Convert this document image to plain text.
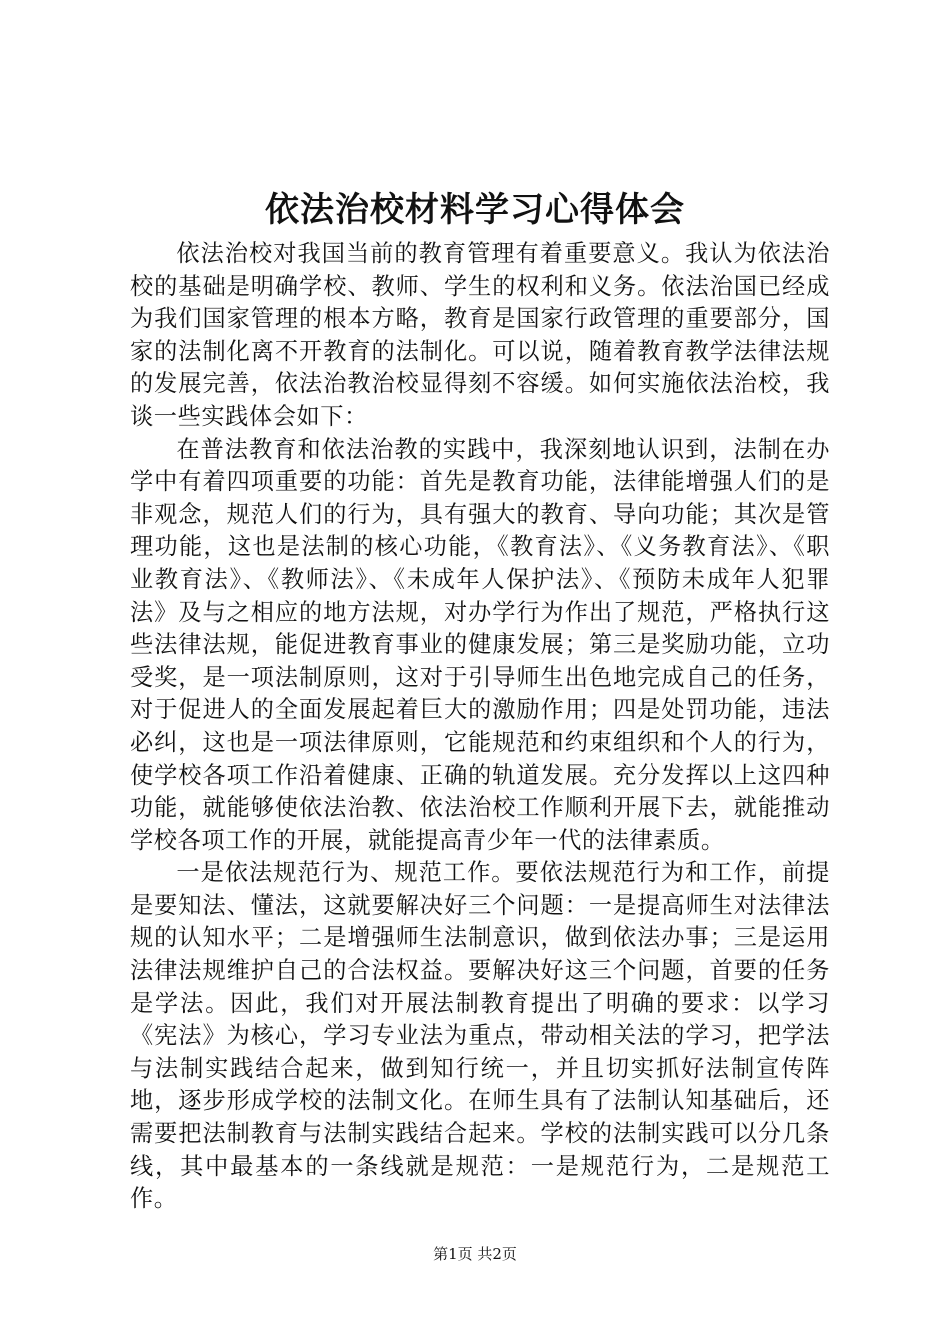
依法治校材料学习心得体会

依法治校对我国当前的教育管理有着重要意义。我认为依法治校的基础是明确学校、教师、学生的权利和义务。依法治国已经成为我们国家管理的根本方略，教育是国家行政管理的重要部分，国家的法制化离不开教育的法制化。可以说，随着教育教学法律法规的发展完善，依法治教治校显得刻不容缓。如何实施依法治校，我谈一些实践体会如下：

在普法教育和依法治教的实践中，我深刻地认识到，法制在办学中有着四项重要的功能：首先是教育功能，法律能增强人们的是非观念，规范人们的行为，具有强大的教育、导向功能；其次是管理功能，这也是法制的核心功能，《教育法》、《义务教育法》、《职业教育法》、《教师法》、《未成年人保护法》、《预防未成年人犯罪法》及与之相应的地方法规，对办学行为作出了规范，严格执行这些法律法规，能促进教育事业的健康发展；第三是奖励功能，立功受奖，是一项法制原则，这对于引导师生出色地完成自己的任务，对于促进人的全面发展起着巨大的激励作用；四是处罚功能，违法必纠，这也是一项法律原则，它能规范和约束组织和个人的行为，使学校各项工作沿着健康、正确的轨道发展。充分发挥以上这四种功能，就能够使依法治教、依法治校工作顺利开展下去，就能推动学校各项工作的开展，就能提高青少年一代的法律素质。

一是依法规范行为、规范工作。要依法规范行为和工作，前提是要知法、懂法，这就要解决好三个问题：一是提高师生对法律法规的认知水平；二是增强师生法制意识，做到依法办事；三是运用法律法规维护自己的合法权益。要解决好这三个问题，首要的任务是学法。因此，我们对开展法制教育提出了明确的要求：以学习《宪法》为核心，学习专业法为重点，带动相关法的学习，把学法与法制实践结合起来，做到知行统一，并且切实抓好法制宣传阵地，逐步形成学校的法制文化。在师生具有了法制认知基础后，还需要把法制教育与法制实践结合起来。学校的法制实践可以分几条线，其中最基本的一条线就是规范：一是规范行为，二是规范工作。

第1页 共2页
